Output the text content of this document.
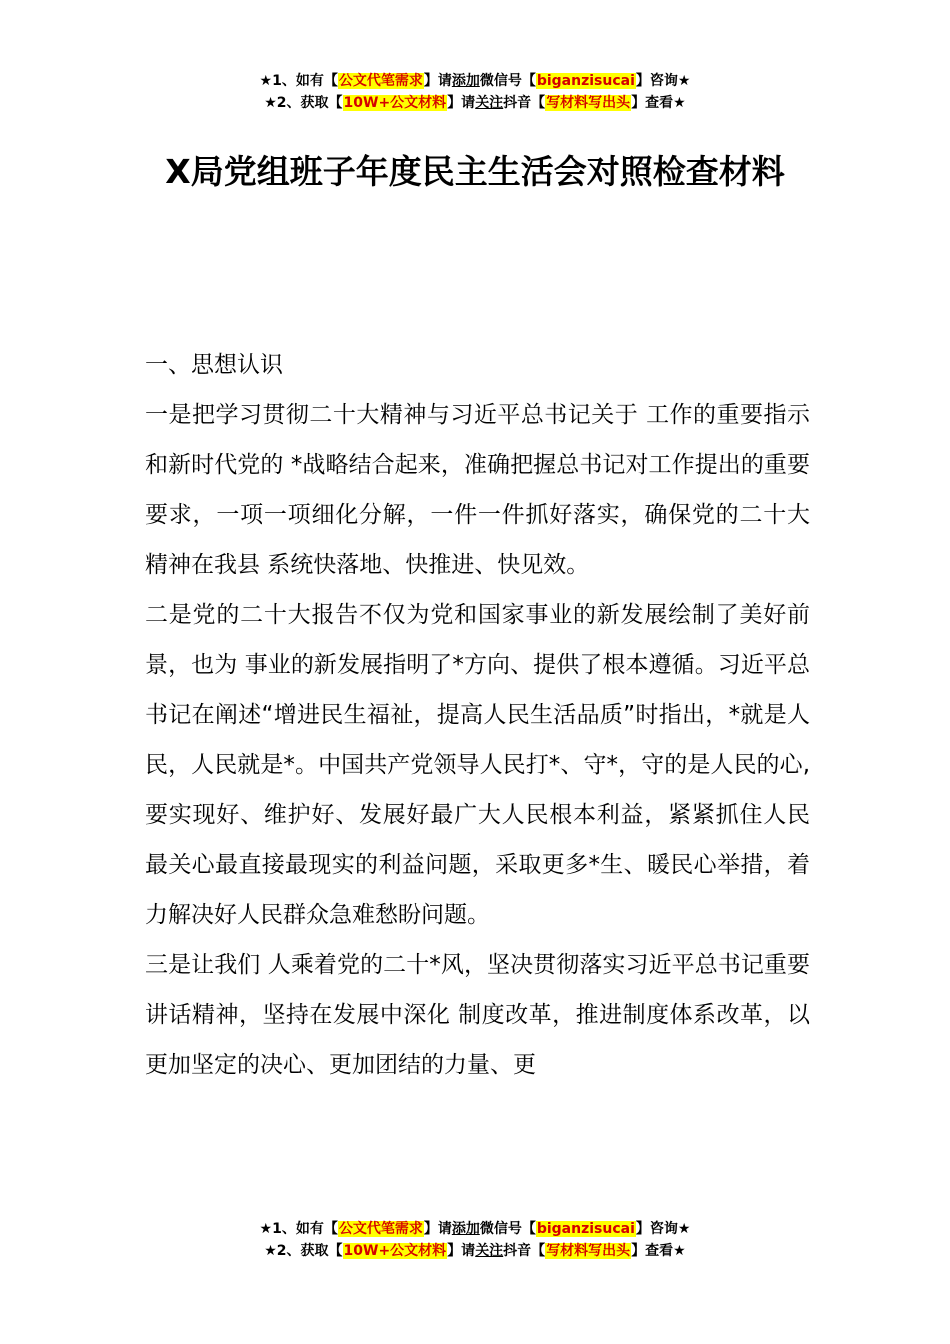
★1、如有【公文代笔需求】请添加微信号【biganzisucai】咨询★
★2、获取【10W+公文材料】请关注抖音【写材料写出头】查看★
X局党组班子年度民主生活会对照检查材料

一、思想认识

一是把学习贯彻二十大精神与习近平总书记关于 工作的重要指示和新时代党的 *战略结合起来，准确把握总书记对工作提出的重要要求，一项一项细化分解，一件一件抓好落实，确保党的二十大精神在我县 系统快落地、快推进、快见效。

二是党的二十大报告不仅为党和国家事业的新发展绘制了美好前景，也为 事业的新发展指明了*方向、提供了根本遵循。习近平总书记在阐述“增进民生福祉，提高人民生活品质”时指出，*就是人民，人民就是*。中国共产党领导人民打*、守*，守的是人民的心,要实现好、维护好、发展好最广大人民根本利益，紧紧抓住人民最关心最直接最现实的利益问题，采取更多*生、暖民心举措，着力解决好人民群众急难愁盼问题。

三是让我们 人乘着党的二十*风，坚决贯彻落实习近平总书记重要讲话精神，坚持在发展中深化 制度改革，推进制度体系改革，以更加坚定的决心、更加团结的力量、更

★1、如有【公文代笔需求】请添加微信号【biganzisucai】咨询★
★2、获取【10W+公文材料】请关注抖音【写材料写出头】查看★
